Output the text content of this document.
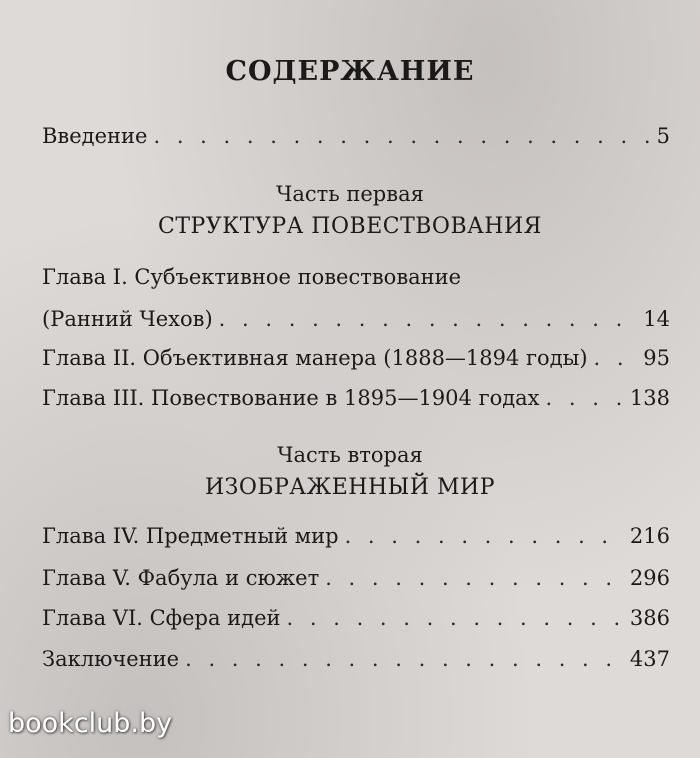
СОДЕРЖАНИЕ
Введение . . .	5
Часть первая
СТРУКТУРА ПОВЕСТВОВАНИЯ
Глава I. Субъективное повествование
(Ранний Чехов) . . .	14
Глава II. Объективная манера (1888—1894 годы) . . .	95
Глава III. Повествование в 1895—1904 годах . . .	138
Часть вторая
ИЗОБРАЖЕННЫЙ МИР
Глава IV. Предметный мир . . .	216
Глава V. Фабула и сюжет . . .	296
Глава VI. Сфера идей . . .	386
Заключение . . .	437
bookclub.by
